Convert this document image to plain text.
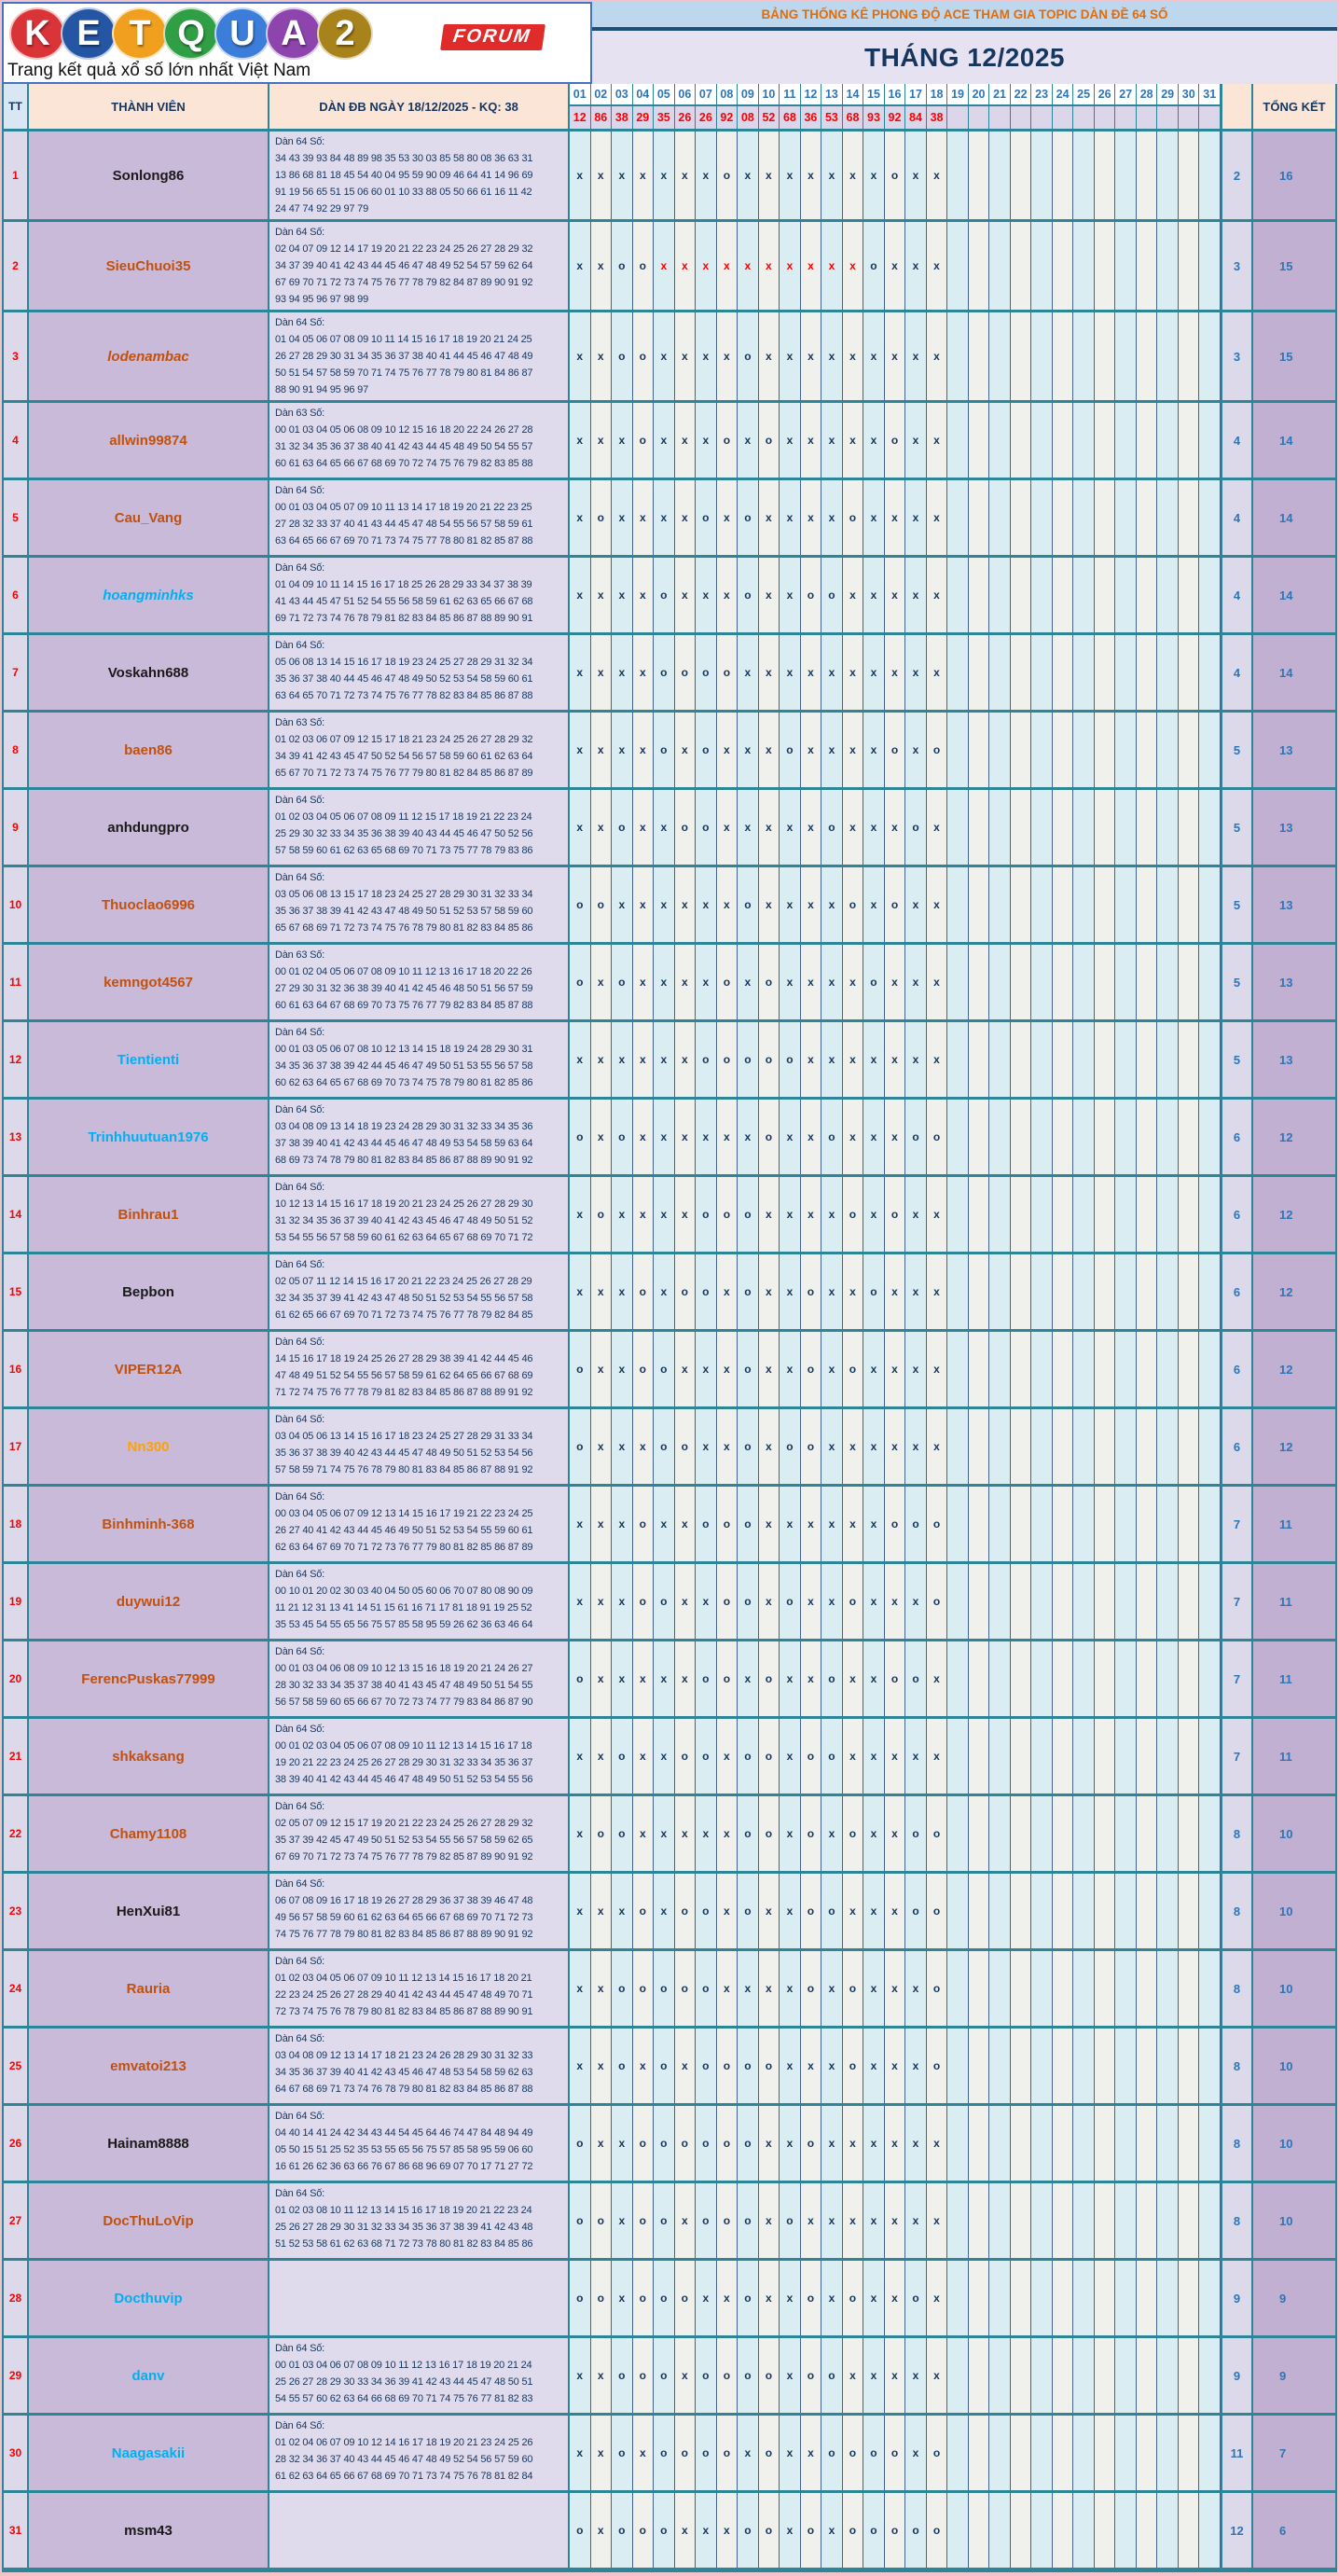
K E T Q U A 2	FORUM
Trang kết quả xổ số lớn nhất Việt Nam
BẢNG THỐNG KÊ PHONG ĐỘ ACE THAM GIA TOPIC DÀN ĐỀ 64 SỐ
THÁNG 12/2025
TT	THÀNH VIÊN	DÀN ĐB NGÀY 18/12/2025 - KQ: 38
01 02 03 04 05 06 07 08 09 10 11 12 13 14 15 16 17 18 19 20 21 22 23 24 25 26 27 28 29 30 31
12 86 38 29 35 26 26 92 08 52 68 36 53 68 93 92 84 38
TỔNG KẾT
1	Sonlong86
Dàn 64 Số:
34 43 39 93 84 48 89 98 35 53 30 03 85 58 80 08 36 63 31
13 86 68 81 18 45 54 40 04 95 59 90 09 46 64 41 14 96 69
91 19 56 65 51 15 06 60 01 10 33 88 05 50 66 61 16 11 42
24 47 74 92 29 97 79
x x x x x x x o x x x x x x x o x x	2	16
2	SieuChuoi35
Dàn 64 Số:
02 04 07 09 12 14 17 19 20 21 22 23 24 25 26 27 28 29 32
34 37 39 40 41 42 43 44 45 46 47 48 49 52 54 57 59 62 64
67 69 70 71 72 73 74 75 76 77 78 79 82 84 87 89 90 91 92
93 94 95 96 97 98 99
x x o o x x x x x x x x x x o x x x	3	15
3	lodenambac
Dàn 64 Số:
01 04 05 06 07 08 09 10 11 14 15 16 17 18 19 20 21 24 25
26 27 28 29 30 31 34 35 36 37 38 40 41 44 45 46 47 48 49
50 51 54 57 58 59 70 71 74 75 76 77 78 79 80 81 84 86 87
88 90 91 94 95 96 97
x x o o x x x x o x x x x x x x x x	3	15
4	allwin99874
Dàn 63 Số:
00 01 03 04 05 06 08 09 10 12 15 16 18 20 22 24 26 27 28
31 32 34 35 36 37 38 40 41 42 43 44 45 48 49 50 54 55 57
60 61 63 64 65 66 67 68 69 70 72 74 75 76 79 82 83 85 88
x x x o x x x o x o x x x x x o x x	4	14
5	Cau_Vang
Dàn 64 Số:
00 01 03 04 05 07 09 10 11 13 14 17 18 19 20 21 22 23 25
27 28 32 33 37 40 41 43 44 45 47 48 54 55 56 57 58 59 61
63 64 65 66 67 69 70 71 73 74 75 77 78 80 81 82 85 87 88
x o x x x x o x o x x x x o x x x x	4	14
6	hoangminhks
Dàn 64 Số:
01 04 09 10 11 14 15 16 17 18 25 26 28 29 33 34 37 38 39
41 43 44 45 47 51 52 54 55 56 58 59 61 62 63 65 66 67 68
69 71 72 73 74 76 78 79 81 82 83 84 85 86 87 88 89 90 91
x x x x o x x x o x x o o x x x x x	4	14
7	Voskahn688
Dàn 64 Số:
05 06 08 13 14 15 16 17 18 19 23 24 25 27 28 29 31 32 34
35 36 37 38 40 44 45 46 47 48 49 50 52 53 54 58 59 60 61
63 64 65 70 71 72 73 74 75 76 77 78 82 83 84 85 86 87 88
x x x x o o o o x x x x x x x x x x	4	14
8	baen86
Dàn 63 Số:
01 02 03 06 07 09 12 15 17 18 21 23 24 25 26 27 28 29 32
34 39 41 42 43 45 47 50 52 54 56 57 58 59 60 61 62 63 64
65 67 70 71 72 73 74 75 76 77 79 80 81 82 84 85 86 87 89
x x x x o x o x x x o x x x x o x o	5	13
9	anhdungpro
Dàn 64 Số:
01 02 03 04 05 06 07 08 09 11 12 15 17 18 19 21 22 23 24
25 29 30 32 33 34 35 36 38 39 40 43 44 45 46 47 50 52 56
57 58 59 60 61 62 63 65 68 69 70 71 73 75 77 78 79 83 86
x x o x x o o x x x x x o x x x o x	5	13
10	Thuoclao6996
Dàn 64 Số:
03 05 06 08 13 15 17 18 23 24 25 27 28 29 30 31 32 33 34
35 36 37 38 39 41 42 43 47 48 49 50 51 52 53 57 58 59 60
65 67 68 69 71 72 73 74 75 76 78 79 80 81 82 83 84 85 86
o o x x x x x x o x x x x o x o x x	5	13
11	kemngot4567
Dàn 63 Số:
00 01 02 04 05 06 07 08 09 10 11 12 13 16 17 18 20 22 26
27 29 30 31 32 36 38 39 40 41 42 45 46 48 50 51 56 57 59
60 61 63 64 67 68 69 70 73 75 76 77 79 82 83 84 85 87 88
o x o x x x x o x o x x x x o x x x	5	13
12	Tientienti
Dàn 64 Số:
00 01 03 05 06 07 08 10 12 13 14 15 18 19 24 28 29 30 31
34 35 36 37 38 39 42 44 45 46 47 49 50 51 53 55 56 57 58
60 62 63 64 65 67 68 69 70 73 74 75 78 79 80 81 82 85 86
x x x x x x o o o o o x x x x x x x	5	13
13	Trinhhuutuan1976
Dàn 64 Số:
03 04 08 09 13 14 18 19 23 24 28 29 30 31 32 33 34 35 36
37 38 39 40 41 42 43 44 45 46 47 48 49 53 54 58 59 63 64
68 69 73 74 78 79 80 81 82 83 84 85 86 87 88 89 90 91 92
o x o x x x x x x o x x o x x x o o	6	12
14	Binhrau1
Dàn 64 Số:
10 12 13 14 15 16 17 18 19 20 21 23 24 25 26 27 28 29 30
31 32 34 35 36 37 39 40 41 42 43 45 46 47 48 49 50 51 52
53 54 55 56 57 58 59 60 61 62 63 64 65 67 68 69 70 71 72
x o x x x x o o o x x x x o x o x x	6	12
15	Bepbon
Dàn 64 Số:
02 05 07 11 12 14 15 16 17 20 21 22 23 24 25 26 27 28 29
32 34 35 37 39 41 42 43 47 48 50 51 52 53 54 55 56 57 58
61 62 65 66 67 69 70 71 72 73 74 75 76 77 78 79 82 84 85
x x x o x o o x o x x o x x o x x x	6	12
16	VIPER12A
Dàn 64 Số:
14 15 16 17 18 19 24 25 26 27 28 29 38 39 41 42 44 45 46
47 48 49 51 52 54 55 56 57 58 59 61 62 64 65 66 67 68 69
71 72 74 75 76 77 78 79 81 82 83 84 85 86 87 88 89 91 92
o x x o o x x x o x x o x o x x x x	6	12
17	Nn300
Dàn 64 Số:
03 04 05 06 13 14 15 16 17 18 23 24 25 27 28 29 31 33 34
35 36 37 38 39 40 42 43 44 45 47 48 49 50 51 52 53 54 56
57 58 59 71 74 75 76 78 79 80 81 83 84 85 86 87 88 91 92
o x x x o o x x o x o o x x x x x x	6	12
18	Binhminh-368
Dàn 64 Số:
00 03 04 05 06 07 09 12 13 14 15 16 17 19 21 22 23 24 25
26 27 40 41 42 43 44 45 46 49 50 51 52 53 54 55 59 60 61
62 63 64 67 69 70 71 72 73 76 77 79 80 81 82 85 86 87 89
x x x o x x o o o x x x x x x o o o	7	11
19	duywui12
Dàn 64 Số:
00 10 01 20 02 30 03 40 04 50 05 60 06 70 07 80 08 90 09
11 21 12 31 13 41 14 51 15 61 16 71 17 81 18 91 19 25 52
35 53 45 54 55 65 56 75 57 85 58 95 59 26 62 36 63 46 64
x x x o o x x o o x o x x o x x x o	7	11
20	FerencPuskas77999
Dàn 64 Số:
00 01 03 04 06 08 09 10 12 13 15 16 18 19 20 21 24 26 27
28 30 32 33 34 35 37 38 40 41 43 45 47 48 49 50 51 54 55
56 57 58 59 60 65 66 67 70 72 73 74 77 79 83 84 86 87 90
o x x x x x o o x o x x o x x o o x	7	11
21	shkaksang
Dàn 64 Số:
00 01 02 03 04 05 06 07 08 09 10 11 12 13 14 15 16 17 18
19 20 21 22 23 24 25 26 27 28 29 30 31 32 33 34 35 36 37
38 39 40 41 42 43 44 45 46 47 48 49 50 51 52 53 54 55 56
x x o x x o o x o o x o o x x x x x	7	11
22	Chamy1108
Dàn 64 Số:
02 05 07 09 12 15 17 19 20 21 22 23 24 25 26 27 28 29 32
35 37 39 42 45 47 49 50 51 52 53 54 55 56 57 58 59 62 65
67 69 70 71 72 73 74 75 76 77 78 79 82 85 87 89 90 91 92
x o o x x x x x o o x o x o x x o o	8	10
23	HenXui81
Dàn 64 Số:
06 07 08 09 16 17 18 19 26 27 28 29 36 37 38 39 46 47 48
49 56 57 58 59 60 61 62 63 64 65 66 67 68 69 70 71 72 73
74 75 76 77 78 79 80 81 82 83 84 85 86 87 88 89 90 91 92
x x x o x o o x o x x o o x x x o o	8	10
24	Rauria
Dàn 64 Số:
01 02 03 04 05 06 07 09 10 11 12 13 14 15 16 17 18 20 21
22 23 24 25 26 27 28 29 40 41 42 43 44 45 47 48 49 70 71
72 73 74 75 76 78 79 80 81 82 83 84 85 86 87 88 89 90 91
x x o o o o o x x x x o x o x x x o	8	10
25	emvatoi213
Dàn 64 Số:
03 04 08 09 12 13 14 17 18 21 23 24 26 28 29 30 31 32 33
34 35 36 37 39 40 41 42 43 45 46 47 48 53 54 58 59 62 63
64 67 68 69 71 73 74 76 78 79 80 81 82 83 84 85 86 87 88
x x o x o x o o o o x x x o x x x o	8	10
26	Hainam8888
Dàn 64 Số:
04 40 14 41 24 42 34 43 44 54 45 64 46 74 47 84 48 94 49
05 50 15 51 25 52 35 53 55 65 56 75 57 85 58 95 59 06 60
16 61 26 62 36 63 66 76 67 86 68 96 69 07 70 17 71 27 72
o x x o o o o o o x x o x x x x x x	8	10
27	DocThuLoVip
Dàn 64 Số:
01 02 03 08 10 11 12 13 14 15 16 17 18 19 20 21 22 23 24
25 26 27 28 29 30 31 32 33 34 35 36 37 38 39 41 42 43 48
51 52 53 58 61 62 63 68 71 72 73 78 80 81 82 83 84 85 86
o o x o o x o o o x o x x x x x x x	8	10
28	Docthuvip	o o x o o o x x o x x o x o x x o x	9	9
29	danv
Dàn 64 Số:
00 01 03 04 06 07 08 09 10 11 12 13 16 17 18 19 20 21 24
25 26 27 28 29 30 33 34 36 39 41 42 43 44 45 47 48 50 51
54 55 57 60 62 63 64 66 68 69 70 71 74 75 76 77 81 82 83
x x o o o x o o o o x o o x x x x x	9	9
30	Naagasakii
Dàn 64 Số:
01 02 04 06 07 09 10 12 14 16 17 18 19 20 21 23 24 25 26
28 32 34 36 37 40 43 44 45 46 47 48 49 52 54 56 57 59 60
61 62 63 64 65 66 67 68 69 70 71 73 74 75 76 78 81 82 84
x x o x o o o o x o x x o o o o x o	11	7
31	msm43	o x o o o x x x o o x o x o o o o o	12	6
